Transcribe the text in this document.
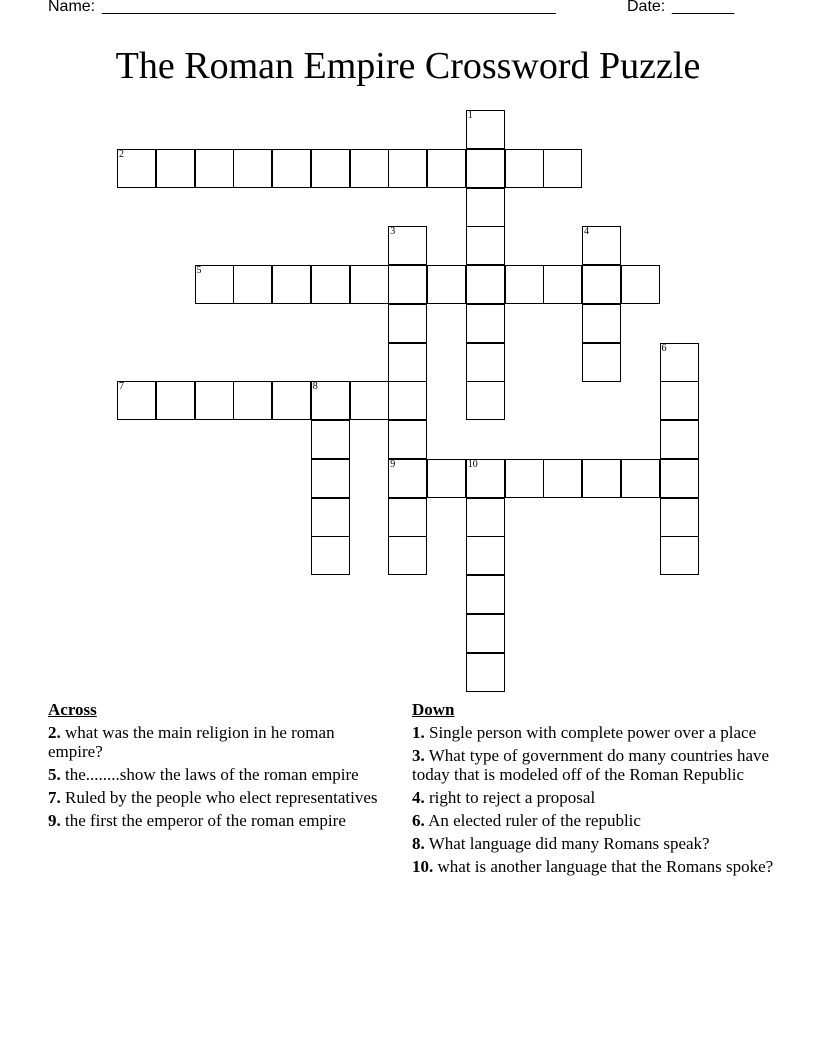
Name: ___________________________________________________	Date: _______
The Roman Empire Crossword Puzzle
1
2
3
9
4
5
6
7	8
10
Across
2. what was the main religion in he roman empire?
5. the........show the laws of the roman empire
7. Ruled by the people who elect representatives
9. the first the emperor of the roman empire
Down
1. Single person with complete power over a place
3. What type of government do many countries have today that is modeled off of the Roman Republic
4. right to reject a proposal
6. An elected ruler of the republic
8. What language did many Romans speak?
10. what is another language that the Romans spoke?
